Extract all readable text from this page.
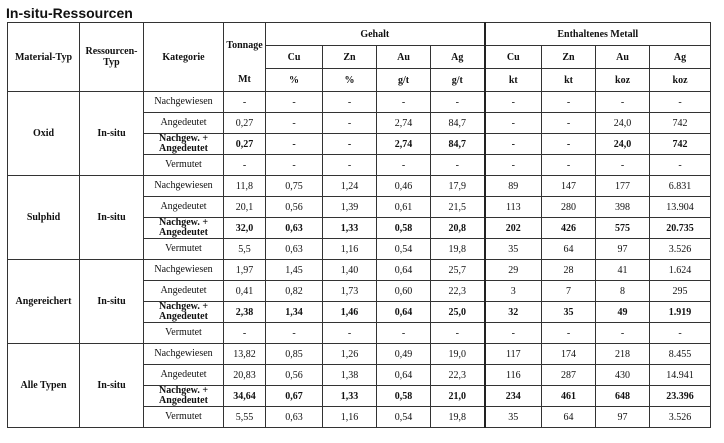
In-situ-Ressourcen
Material-Typ	Ressourcen-Typ	Kategorie	Tonnage	Gehalt				Enthaltenes Metall			
				Cu	Zn	Au	Ag	Cu	Zn	Au	Ag
			Mt	%	%	g/t	g/t	kt	kt	koz	koz
Oxid	In-situ	Nachgewiesen	-	-	-	-	-	-	-	-	-
		Angedeutet	0,27	-	-	2,74	84,7	-	-	24,0	742
		Nachgew. + Angedeutet	0,27	-	-	2,74	84,7	-	-	24,0	742
		Vermutet	-	-	-	-	-	-	-	-	-
Sulphid	In-situ	Nachgewiesen	11,8	0,75	1,24	0,46	17,9	89	147	177	6.831
		Angedeutet	20,1	0,56	1,39	0,61	21,5	113	280	398	13.904
		Nachgew. + Angedeutet	32,0	0,63	1,33	0,58	20,8	202	426	575	20.735
		Vermutet	5,5	0,63	1,16	0,54	19,8	35	64	97	3.526
Angereichert	In-situ	Nachgewiesen	1,97	1,45	1,40	0,64	25,7	29	28	41	1.624
		Angedeutet	0,41	0,82	1,73	0,60	22,3	3	7	8	295
		Nachgew. + Angedeutet	2,38	1,34	1,46	0,64	25,0	32	35	49	1.919
		Vermutet	-	-	-	-	-	-	-	-	-
Alle Typen	In-situ	Nachgewiesen	13,82	0,85	1,26	0,49	19,0	117	174	218	8.455
		Angedeutet	20,83	0,56	1,38	0,64	22,3	116	287	430	14.941
		Nachgew. + Angedeutet	34,64	0,67	1,33	0,58	21,0	234	461	648	23.396
		Vermutet	5,55	0,63	1,16	0,54	19,8	35	64	97	3.526
